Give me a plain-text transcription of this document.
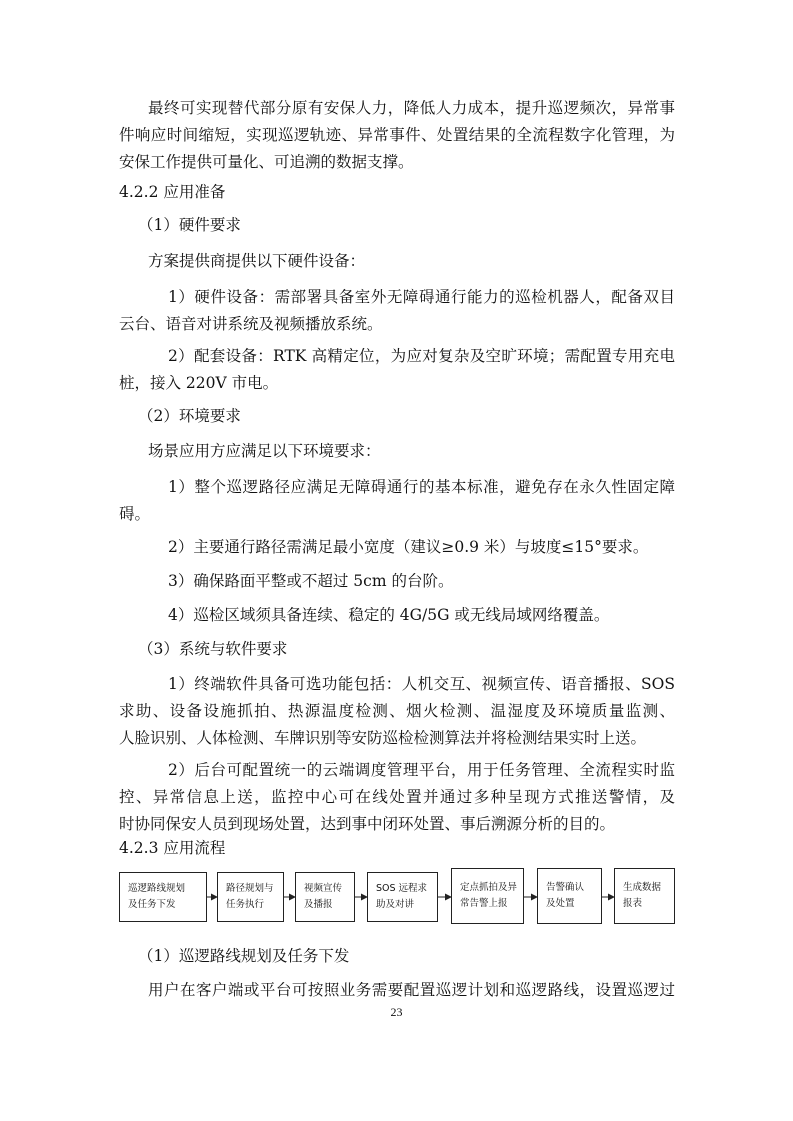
最终可实现替代部分原有安保人力，降低人力成本，提升巡逻频次，异常事
件响应时间缩短，实现巡逻轨迹、异常事件、处置结果的全流程数字化管理，为
安保工作提供可量化、可追溯的数据支撑。
4.2.2 应用准备
（1）硬件要求
方案提供商提供以下硬件设备：
1）硬件设备：需部署具备室外无障碍通行能力的巡检机器人，配备双目
云台、语音对讲系统及视频播放系统。
2）配套设备：RTK 高精定位，为应对复杂及空旷环境；需配置专用充电
桩，接入 220V 市电。
（2）环境要求
场景应用方应满足以下环境要求：
1）整个巡逻路径应满足无障碍通行的基本标准，避免存在永久性固定障
碍。
2）主要通行路径需满足最小宽度（建议≥0.9 米）与坡度≤15°要求。
3）确保路面平整或不超过 5cm 的台阶。
4）巡检区域须具备连续、稳定的 4G/5G 或无线局域网络覆盖。
（3）系统与软件要求
1）终端软件具备可选功能包括：人机交互、视频宣传、语音播报、SOS
求助、设备设施抓拍、热源温度检测、烟火检测、温湿度及环境质量监测、
人脸识别、人体检测、车牌识别等安防巡检检测算法并将检测结果实时上送。
2）后台可配置统一的云端调度管理平台，用于任务管理、全流程实时监
控、异常信息上送，监控中心可在线处置并通过多种呈现方式推送警情，及
时协同保安人员到现场处置，达到事中闭环处置、事后溯源分析的目的。
4.2.3 应用流程
巡逻路线规划
及任务下发
路径规划与
任务执行
视频宣传
及播报
SOS 远程求
助及对讲
定点抓拍及异
常告警上报
告警确认
及处置
生成数据
报表
（1）巡逻路线规划及任务下发
用户在客户端或平台可按照业务需要配置巡逻计划和巡逻路线，设置巡逻过
23
